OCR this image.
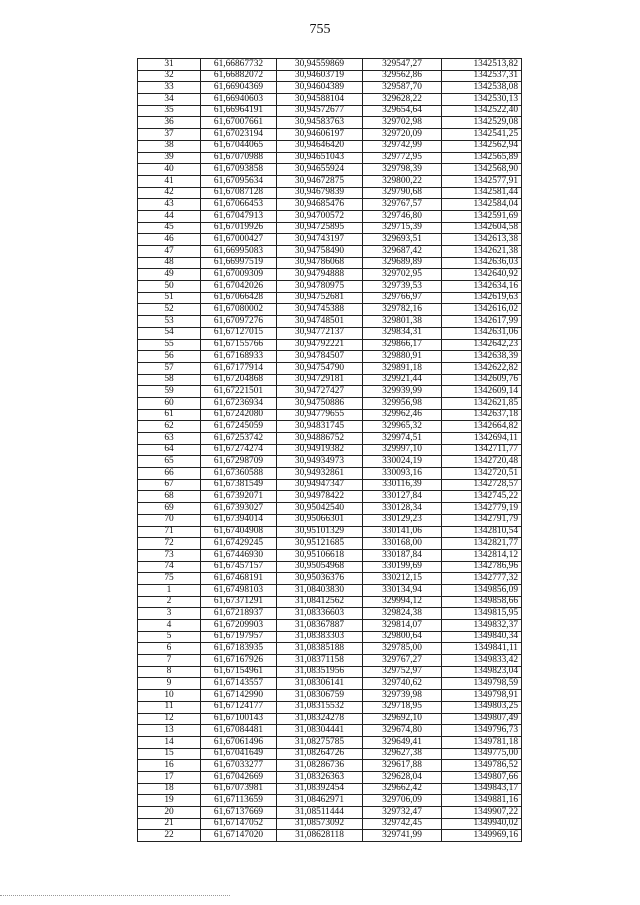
755
31	61,66867732	30,94559869	329547,27	1342513,82
32	61,66882072	30,94603719	329562,86	1342537,31
33	61,66904369	30,94604389	329587,70	1342538,08
34	61,66940603	30,94588104	329628,22	1342530,13
35	61,66964191	30,94572677	329654,64	1342522,40
36	61,67007661	30,94583763	329702,98	1342529,08
37	61,67023194	30,94606197	329720,09	1342541,25
38	61,67044065	30,94646420	329742,99	1342562,94
39	61,67070988	30,94651043	329772,95	1342565,89
40	61,67093858	30,94655924	329798,39	1342568,90
41	61,67095634	30,94672875	329800,22	1342577,91
42	61,67087128	30,94679839	329790,68	1342581,44
43	61,67066453	30,94685476	329767,57	1342584,04
44	61,67047913	30,94700572	329746,80	1342591,69
45	61,67019926	30,94725895	329715,39	1342604,58
46	61,67000427	30,94743197	329693,51	1342613,38
47	61,66995083	30,94758490	329687,42	1342621,38
48	61,66997519	30,94786068	329689,89	1342636,03
49	61,67009309	30,94794888	329702,95	1342640,92
50	61,67042026	30,94780975	329739,53	1342634,16
51	61,67066428	30,94752681	329766,97	1342619,63
52	61,67080002	30,94745388	329782,16	1342616,02
53	61,67097276	30,94748501	329801,38	1342617,99
54	61,67127015	30,94772137	329834,31	1342631,06
55	61,67155766	30,94792221	329866,17	1342642,23
56	61,67168933	30,94784507	329880,91	1342638,39
57	61,67177914	30,94754790	329891,18	1342622,82
58	61,67204868	30,94729181	329921,44	1342609,76
59	61,67221501	30,94727427	329939,99	1342609,14
60	61,67236934	30,94750886	329956,98	1342621,85
61	61,67242080	30,94779655	329962,46	1342637,18
62	61,67245059	30,94831745	329965,32	1342664,82
63	61,67253742	30,94886752	329974,51	1342694,11
64	61,67274274	30,94919382	329997,10	1342711,77
65	61,67298709	30,94934973	330024,19	1342720,48
66	61,67360588	30,94932861	330093,16	1342720,51
67	61,67381549	30,94947347	330116,39	1342728,57
68	61,67392071	30,94978422	330127,84	1342745,22
69	61,67393027	30,95042540	330128,34	1342779,19
70	61,67394014	30,95066301	330129,23	1342791,79
71	61,67404908	30,95101329	330141,06	1342810,54
72	61,67429245	30,95121685	330168,00	1342821,77
73	61,67446930	30,95106618	330187,84	1342814,12
74	61,67457157	30,95054968	330199,69	1342786,96
75	61,67468191	30,95036376	330212,15	1342777,32
1	61,67498103	31,08403830	330134,94	1349856,09
2	61,67371291	31,08412562	329994,12	1349858,66
3	61,67218937	31,08336603	329824,38	1349815,95
4	61,67209903	31,08367887	329814,07	1349832,37
5	61,67197957	31,08383303	329800,64	1349840,34
6	61,67183935	31,08385188	329785,00	1349841,11
7	61,67167926	31,08371158	329767,27	1349833,42
8	61,67154961	31,08351956	329752,97	1349823,04
9	61,67143557	31,08306141	329740,62	1349798,59
10	61,67142990	31,08306759	329739,98	1349798,91
11	61,67124177	31,08315532	329718,95	1349803,25
12	61,67100143	31,08324278	329692,10	1349807,49
13	61,67084481	31,08304441	329674,80	1349796,73
14	61,67061496	31,08275785	329649,41	1349781,18
15	61,67041649	31,08264726	329627,38	1349775,00
16	61,67033277	31,08286736	329617,88	1349786,52
17	61,67042669	31,08326363	329628,04	1349807,66
18	61,67073981	31,08392454	329662,42	1349843,17
19	61,67113659	31,08462971	329706,09	1349881,16
20	61,67137669	31,08511444	329732,47	1349907,22
21	61,67147052	31,08573092	329742,45	1349940,02
22	61,67147020	31,08628118	329741,99	1349969,16
